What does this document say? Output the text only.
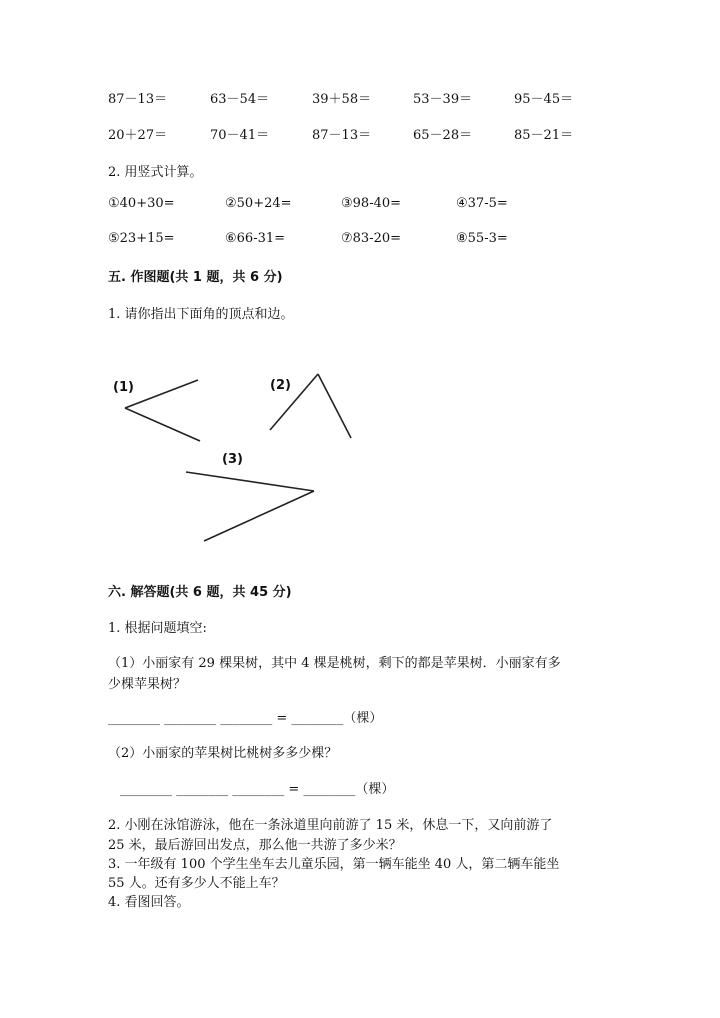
87－13＝	63－54＝	39＋58＝	53－39＝	95－45＝
20＋27＝	70－41＝	87－13＝	65－28＝	85－21＝
2. 用竖式计算。
①40+30=	②50+24=	③98-40=	④37-5=
⑤23+15=	⑥66-31=	⑦83-20=	⑧55-3=
五. 作图题(共 1 题，共 6 分)
1. 请你指出下面角的顶点和边。
(1)	(2)
(3)
六. 解答题(共 6 题，共 45 分)
1. 根据问题填空:
（1）小丽家有 29 棵果树，其中 4 棵是桃树，剩下的都是苹果树．小丽家有多
少棵苹果树？
________ ________ ________ = ________（棵）
（2）小丽家的苹果树比桃树多多少棵？
________ ________ ________ = ________（棵）
2. 小刚在泳馆游泳，他在一条泳道里向前游了 15 米，休息一下，又向前游了
25 米，最后游回出发点，那么他一共游了多少米？
3. 一年级有 100 个学生坐车去儿童乐园，第一辆车能坐 40 人，第二辆车能坐
55 人。还有多少人不能上车？
4. 看图回答。
